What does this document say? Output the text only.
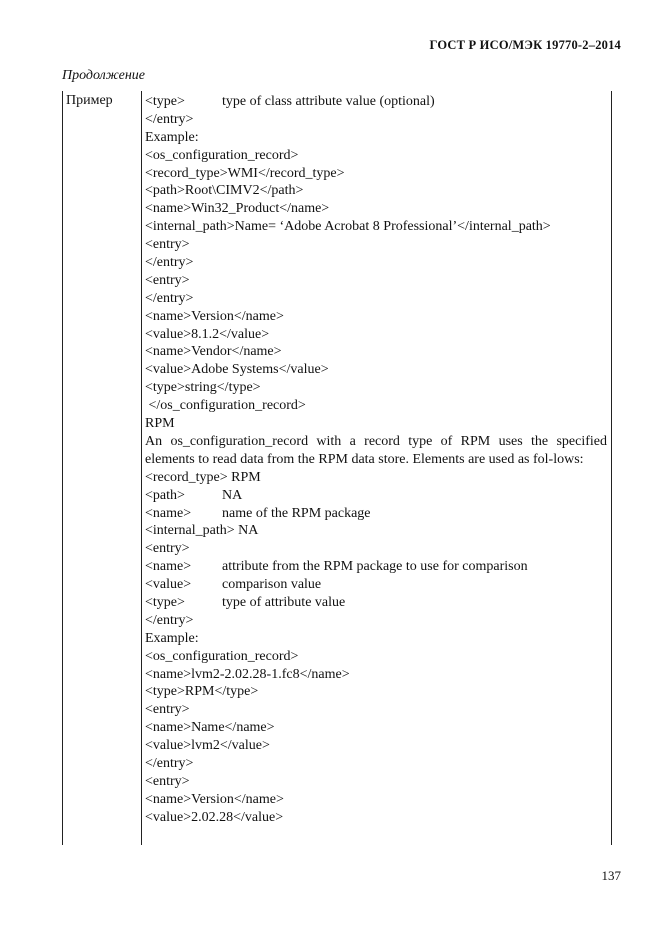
ГОСТ Р ИСО/МЭК 19770-2–2014
Продолжение
Пример <type>	type of class attribute value (optional)
</entry>
Example:
<os_configuration_record>
<record_type>WMI</record_type>
<path>Root\CIMV2</path>
<name>Win32_Product</name>
<internal_path>Name= ‘Adobe Acrobat 8 Professional’</internal_path>
<entry>
</entry>
<entry>
</entry>
<name>Version</name>
<value>8.1.2</value>
<name>Vendor</name>
<value>Adobe Systems</value>
<type>string</type>
</os_configuration_record>
RPM
An os_configuration_record with a record type of RPM uses the specified elements to read data from the RPM data store. Elements are used as fol-lows:
<record_type> RPM
<path>	NA
<name> name of the RPM package
<internal_path> NA
<entry>
<name> attribute from the RPM package to use for comparison
<value> comparison value
<type>	type of attribute value
</entry>
Example:
<os_configuration_record>
<name>lvm2-2.02.28-1.fc8</name>
<type>RPM</type>
<entry>
<name>Name</name>
<value>lvm2</value>
</entry>
<entry>
<name>Version</name>
<value>2.02.28</value>
137
